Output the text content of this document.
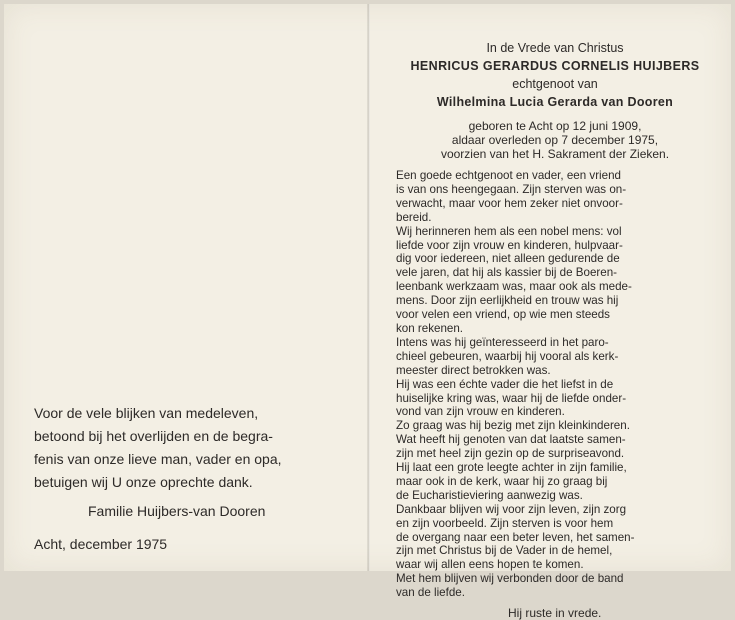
Voor de vele blijken van medeleven,
betoond bij het overlijden en de begra-
fenis van onze lieve man, vader en opa,
betuigen wij U onze oprechte dank.
Familie Huijbers-van Dooren
Acht, december 1975
In de Vrede van Christus
HENRICUS GERARDUS CORNELIS HUIJBERS
echtgenoot van
Wilhelmina Lucia Gerarda van Dooren
geboren te Acht op 12 juni 1909,
aldaar overleden op 7 december 1975,
voorzien van het H. Sakrament der Zieken.
Een goede echtgenoot en vader, een vriend
is van ons heengegaan. Zijn sterven was on-
verwacht, maar voor hem zeker niet onvoor-
bereid.
Wij herinneren hem als een nobel mens: vol
liefde voor zijn vrouw en kinderen, hulpvaar-
dig voor iedereen, niet alleen gedurende de
vele jaren, dat hij als kassier bij de Boeren-
leenbank werkzaam was, maar ook als mede-
mens. Door zijn eerlijkheid en trouw was hij
voor velen een vriend, op wie men steeds
kon rekenen.
Intens was hij geïnteresseerd in het paro-
chieel gebeuren, waarbij hij vooral als kerk-
meester direct betrokken was.
Hij was een échte vader die het liefst in de
huiselijke kring was, waar hij de liefde onder-
vond van zijn vrouw en kinderen.
Zo graag was hij bezig met zijn kleinkinderen.
Wat heeft hij genoten van dat laatste samen-
zijn met heel zijn gezin op de surpriseavond.
Hij laat een grote leegte achter in zijn familie,
maar ook in de kerk, waar hij zo graag bij
de Eucharistieviering aanwezig was.
Dankbaar blijven wij voor zijn leven, zijn zorg
en zijn voorbeeld. Zijn sterven is voor hem
de overgang naar een beter leven, het samen-
zijn met Christus bij de Vader in de hemel,
waar wij allen eens hopen te komen.
Met hem blijven wij verbonden door de band
van de liefde.
Hij ruste in vrede.
